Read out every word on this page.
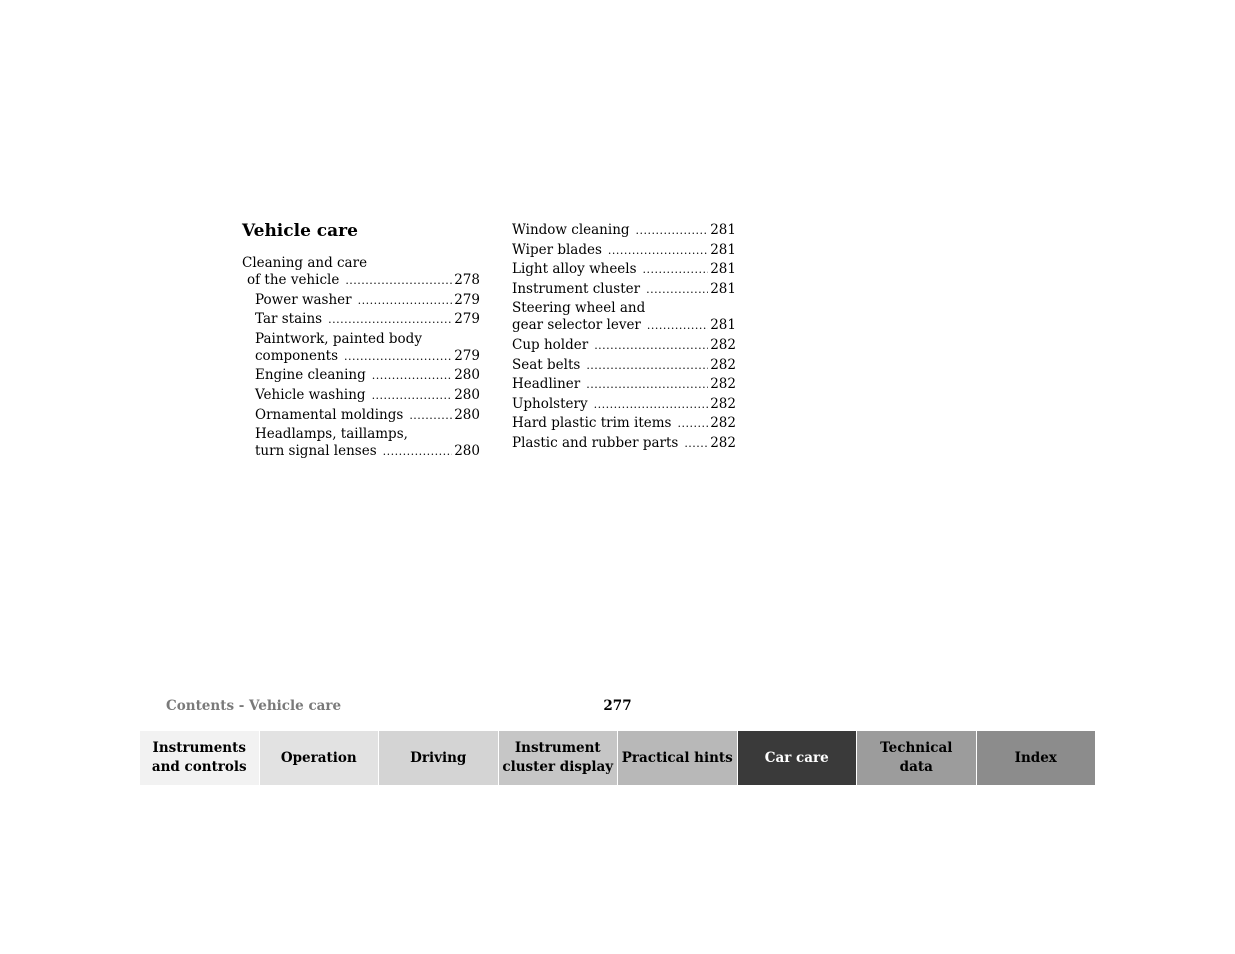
Vehicle care
Cleaning and care
of the vehicle .....	278
Power washer .....	279
Tar stains .....	279
Paintwork, painted body
components .....	279
Engine cleaning .....	280
Vehicle washing .....	280
Ornamental moldings .....	280
Headlamps, taillamps,
turn signal lenses .....	280
Window cleaning .....	281
Wiper blades .....	281
Light alloy wheels .....	281
Instrument cluster .....	281
Steering wheel and
gear selector lever .....	281
Cup holder .....	282
Seat belts .....	282
Headliner .....	282
Upholstery .....	282
Hard plastic trim items .....	282
Plastic and rubber parts ..... 282
Contents - Vehicle care	277
Instruments
and controls
Operation	Driving
Instrument
cluster display
Practical hints	Car care
Technical
data
Index
